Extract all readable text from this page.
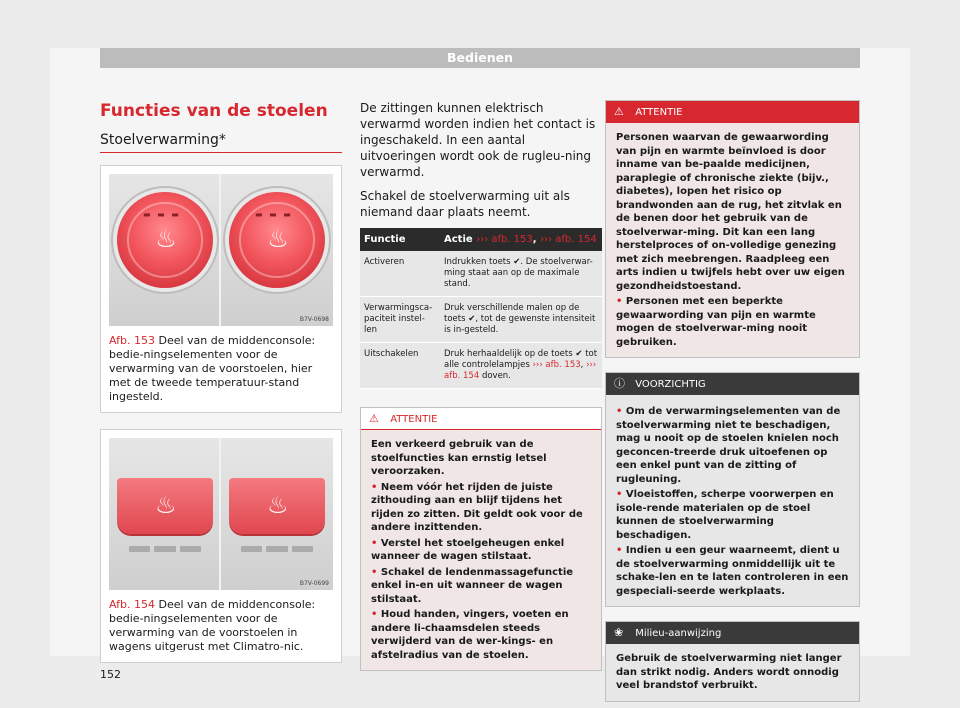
Bedienen
Functies van de stoelen
Stoelverwarming*
▬ ▬ ▬
♨
▬ ▬ ▬
♨
B7V-0698
Afb. 153 Deel van de middenconsole: bedie-ningselementen voor de verwarming van de voorstoelen, hier met de tweede temperatuur-stand ingesteld.
♨	♨
B7V-0699
Afb. 154 Deel van de middenconsole: bedie-ningselementen voor de verwarming van de voorstoelen in wagens uitgerust met Climatro-nic.

De zittingen kunnen elektrisch verwarmd worden indien het contact is ingeschakeld. In een aantal uitvoeringen wordt ook de rugleu-ning verwarmd.

Schakel de stoelverwarming uit als niemand daar plaats neemt.

Functie	Actie ››› afb. 153, ››› afb. 154
Activeren	Indrukken toets ✔. De stoelverwar-ming staat aan op de maximale stand.
Verwarmingsca-paciteit instel-len	Druk verschillende malen op de toets ✔, tot de gewenste intensiteit is in-gesteld.
Uitschakelen	Druk herhaaldelijk op de toets ✔ tot alle controlelampjes ››› afb. 153, ››› afb. 154 doven.
⚠ ATTENTIE
Een verkeerd gebruik van de stoelfuncties kan ernstig letsel veroorzaken.
• Neem vóór het rijden de juiste zithouding aan en blijf tijdens het rijden zo zitten. Dit geldt ook voor de andere inzittenden.
• Verstel het stoelgeheugen enkel wanneer de wagen stilstaat.
• Schakel de lendenmassagefunctie enkel in-en uit wanneer de wagen stilstaat.
• Houd handen, vingers, voeten en andere li-chaamsdelen steeds verwijderd van de wer-kings- en afstelradius van de stoelen.
⚠ ATTENTIE
Personen waarvan de gewaarwording van pijn en warmte beïnvloed is door inname van be-paalde medicijnen, paraplegie of chronische ziekte (bijv., diabetes), lopen het risico op brandwonden aan de rug, het zitvlak en de benen door het gebruik van de stoelverwar-ming. Dit kan een lang herstelproces of on-volledige genezing met zich meebrengen. Raadpleeg een arts indien u twijfels hebt over uw eigen gezondheidstoestand.
• Personen met een beperkte gewaarwording van pijn en warmte mogen de stoelverwar-ming nooit gebruiken.
ⓘ VOORZICHTIG
• Om de verwarmingselementen van de stoelverwarming niet te beschadigen, mag u nooit op de stoelen knielen noch geconcen-treerde druk uitoefenen op een enkel punt van de zitting of rugleuning.
• Vloeistoffen, scherpe voorwerpen en isole-rende materialen op de stoel kunnen de stoelverwarming beschadigen.
• Indien u een geur waarneemt, dient u de stoelverwarming onmiddellijk uit te schake-len en te laten controleren in een gespeciali-seerde werkplaats.
❀ Milieu-aanwijzing
Gebruik de stoelverwarming niet langer dan strikt nodig. Anders wordt onnodig veel brandstof verbruikt.
152
